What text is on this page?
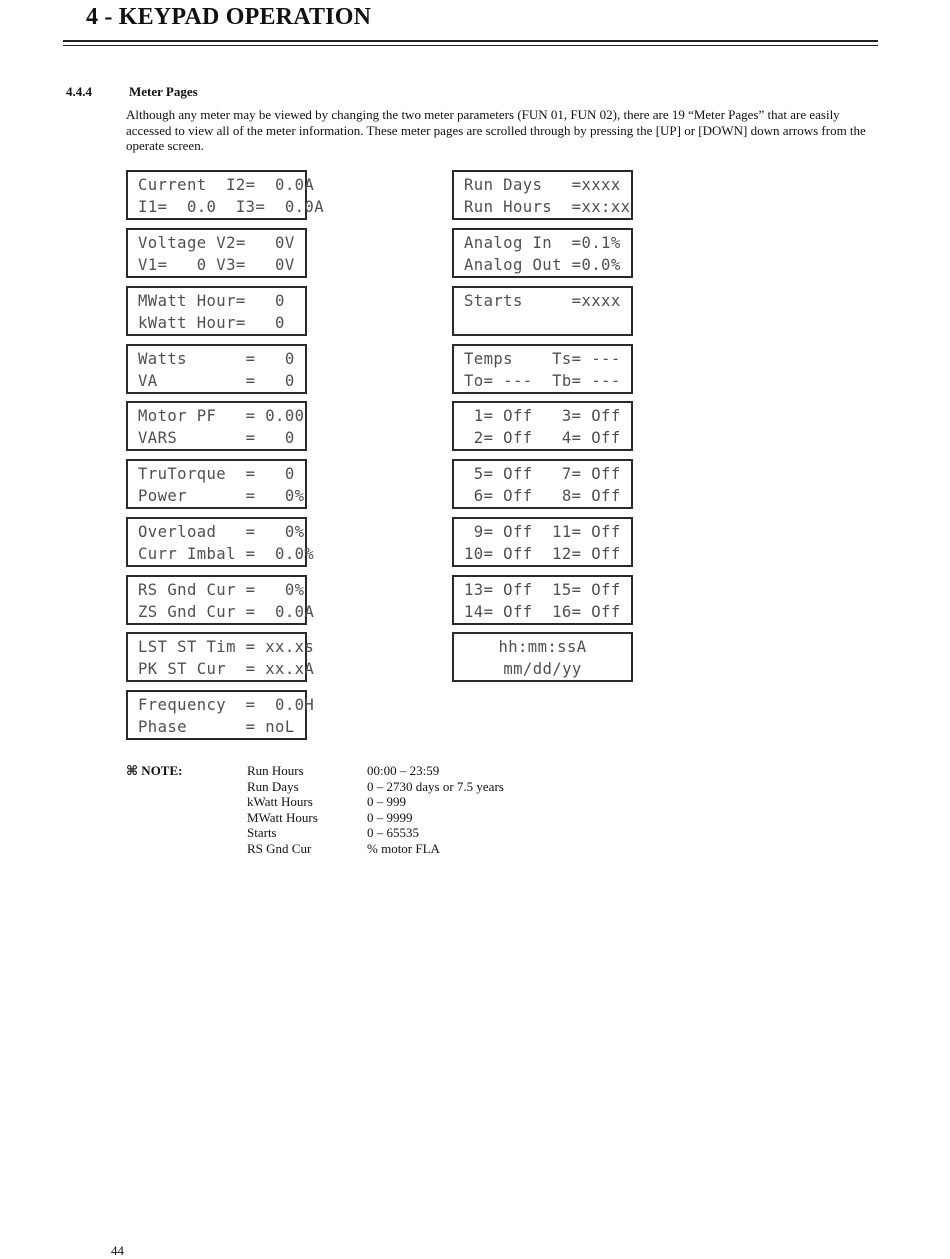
4 - KEYPAD OPERATION
4.4.4	Meter Pages

Although any meter may be viewed by changing the two meter parameters (FUN 01, FUN 02), there are 19 “Meter Pages” that are easily accessed to view all of the meter information. These meter pages are scrolled through by pressing the [UP] or [DOWN] down arrows from the operate screen.

Current  I2=  0.0A
I1=  0.0  I3=  0.0A
Voltage V2=   0V
V1=   0 V3=   0V
MWatt Hour=   0
kWatt Hour=   0
Watts      =   0
VA         =   0
Motor PF   = 0.00
VARS       =   0
TruTorque  =   0
Power      =   0%
Overload   =   0%
Curr Imbal =  0.0%
RS Gnd Cur =   0%
ZS Gnd Cur =  0.0A
LST ST Tim = xx.xs
PK ST Cur  = xx.xA
Frequency  =  0.0H
Phase      = noL
Run Days   =xxxx
Run Hours  =xx:xx
Analog In  =0.1%
Analog Out =0.0%
Starts     =xxxx
Temps    Ts= ---
To= ---  Tb= ---
1= Off   3= Off
2= Off   4= Off
5= Off   7= Off
6= Off   8= Off
9= Off  11= Off
10= Off  12= Off
13= Off  15= Off
14= Off  16= Off
hh:mm:ssA
mm/dd/yy
⌘ NOTE:	Run Hours	00:00 – 23:59
Run Days	0 – 2730 days or 7.5 years
kWatt Hours	0 – 999
MWatt Hours	0 – 9999
Starts	0 – 65535
RS Gnd Cur	% motor FLA
44
